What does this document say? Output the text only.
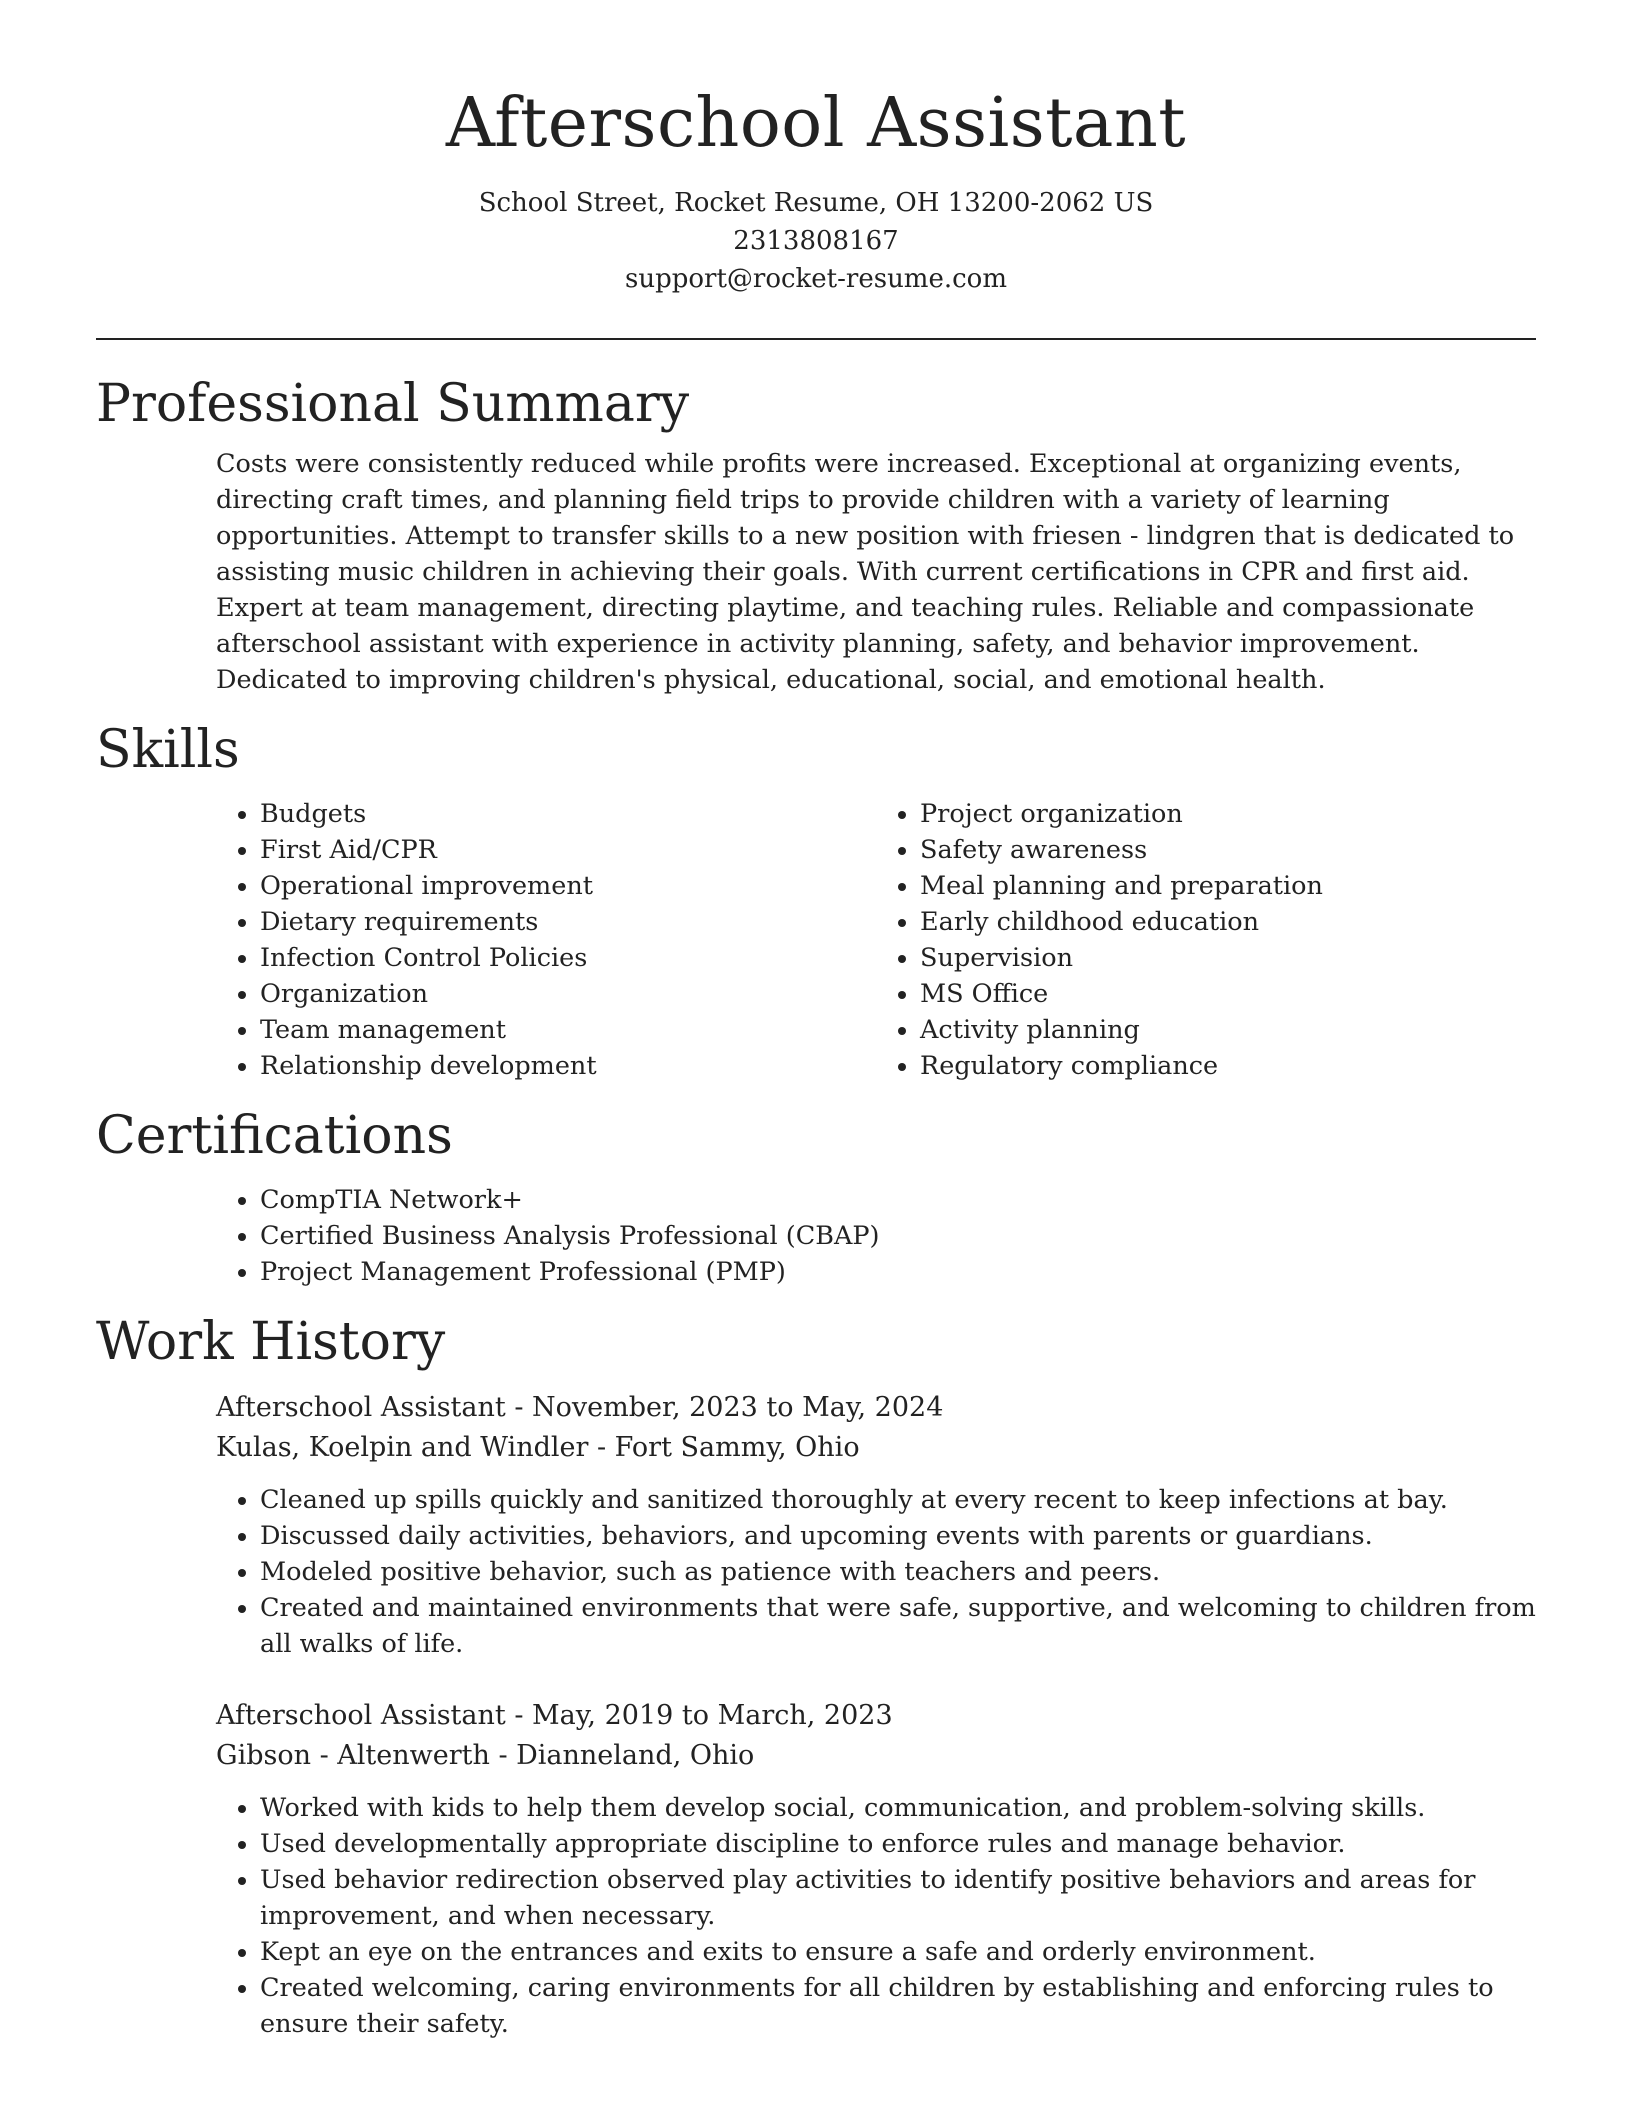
Afterschool Assistant
School Street, Rocket Resume, OH 13200-2062 US
2313808167
support@rocket-resume.com
Professional Summary
Costs were consistently reduced while profits were increased. Exceptional at organizing events, directing craft times, and planning field trips to provide children with a variety of learning opportunities. Attempt to transfer skills to a new position with friesen - lindgren that is dedicated to assisting music children in achieving their goals. With current certifications in CPR and first aid. Expert at team management, directing playtime, and teaching rules. Reliable and compassionate afterschool assistant with experience in activity planning, safety, and behavior improvement. Dedicated to improving children's physical, educational, social, and emotional health.
Skills
• Budgets
• First Aid/CPR
• Operational improvement
• Dietary requirements
• Infection Control Policies
• Organization
• Team management
• Relationship development
• Project organization
• Safety awareness
• Meal planning and preparation
• Early childhood education
• Supervision
• MS Office
• Activity planning
• Regulatory compliance
Certifications
• CompTIA Network+
• Certified Business Analysis Professional (CBAP)
• Project Management Professional (PMP)
Work History
Afterschool Assistant - November, 2023 to May, 2024
Kulas, Koelpin and Windler - Fort Sammy, Ohio
• Cleaned up spills quickly and sanitized thoroughly at every recent to keep infections at bay.
• Discussed daily activities, behaviors, and upcoming events with parents or guardians.
• Modeled positive behavior, such as patience with teachers and peers.
• Created and maintained environments that were safe, supportive, and welcoming to children from all walks of life.
Afterschool Assistant - May, 2019 to March, 2023
Gibson - Altenwerth - Dianneland, Ohio
• Worked with kids to help them develop social, communication, and problem-solving skills.
• Used developmentally appropriate discipline to enforce rules and manage behavior.
• Used behavior redirection observed play activities to identify positive behaviors and areas for improvement, and when necessary.
• Kept an eye on the entrances and exits to ensure a safe and orderly environment.
• Created welcoming, caring environments for all children by establishing and enforcing rules to ensure their safety.
